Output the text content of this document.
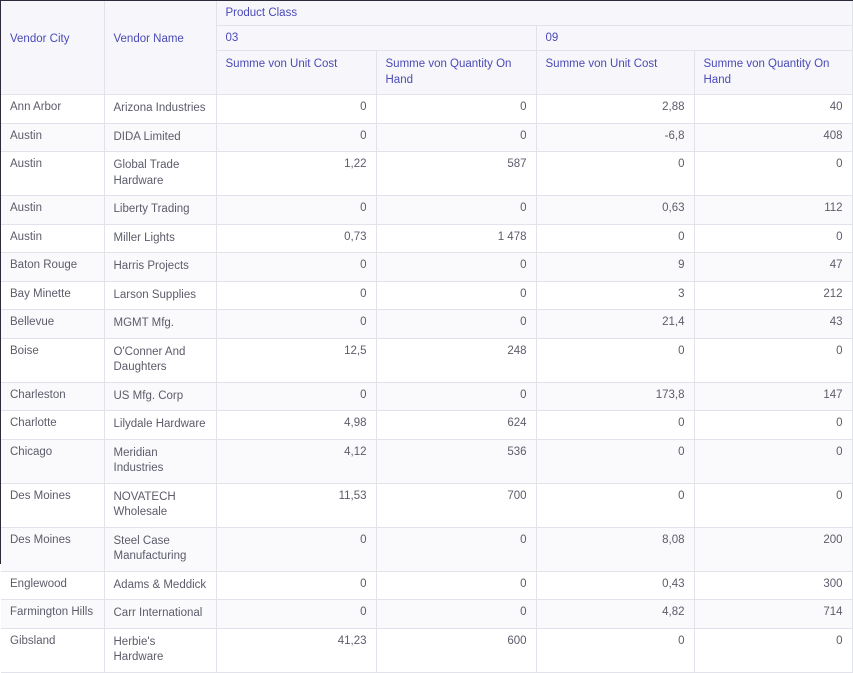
Vendor City	Vendor Name	Product Class			
		03		09	
		Summe von Unit Cost	Summe von Quantity On Hand	Summe von Unit Cost	Summe von Quantity On Hand
Ann Arbor	Arizona Industries	0	0	2,88	40
Austin	DIDA Limited	0	0	-6,8	408
Austin	Global Trade Hardware	1,22	587	0	0
Austin	Liberty Trading	0	0	0,63	112
Austin	Miller Lights	0,73	1 478	0	0
Baton Rouge	Harris Projects	0	0	9	47
Bay Minette	Larson Supplies	0	0	3	212
Bellevue	MGMT Mfg.	0	0	21,4	43
Boise	O'Conner And Daughters	12,5	248	0	0
Charleston	US Mfg. Corp	0	0	173,8	147
Charlotte	Lilydale Hardware	4,98	624	0	0
Chicago	Meridian Industries	4,12	536	0	0
Des Moines	NOVATECH Wholesale	11,53	700	0	0
Des Moines	Steel Case Manufacturing	0	0	8,08	200
Englewood	Adams & Meddick	0	0	0,43	300
Farmington Hills	Carr International	0	0	4,82	714
Gibsland	Herbie's Hardware	41,23	600	0	0
